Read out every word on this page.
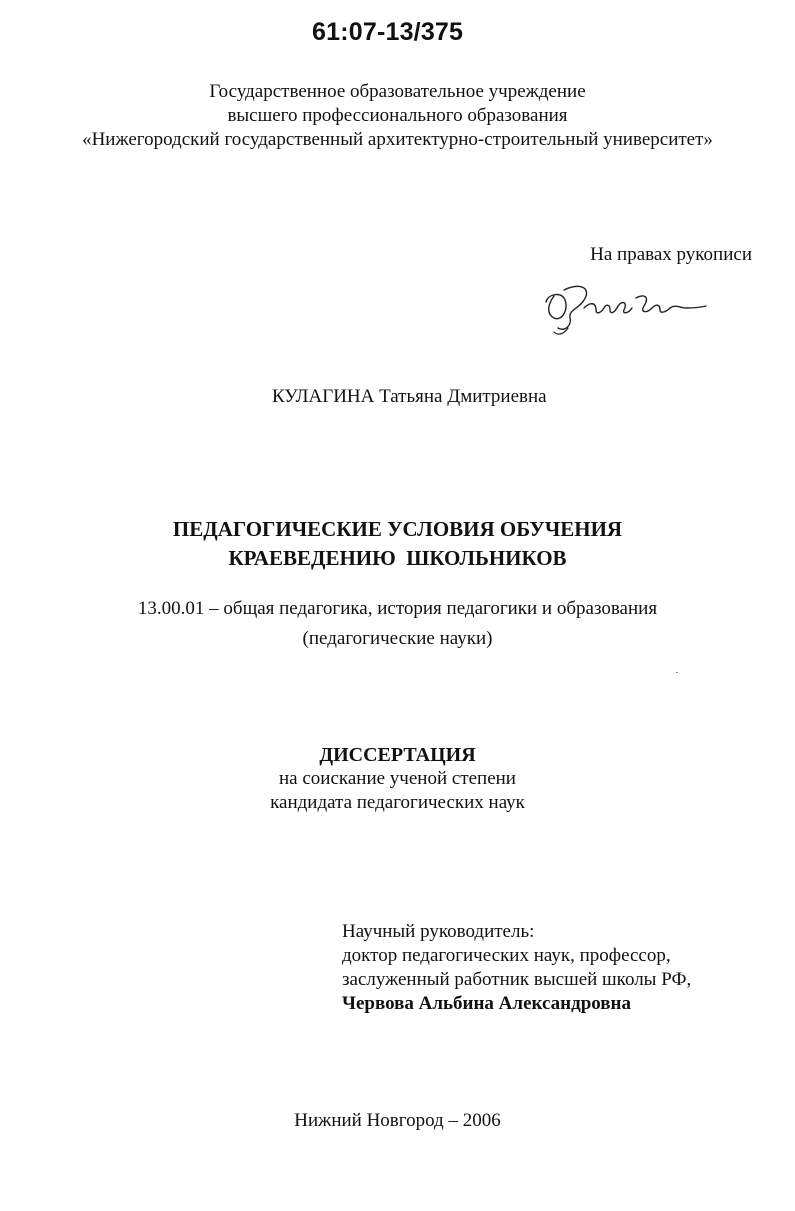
61:07-13/375
Государственное образовательное учреждение
высшего профессионального образования
«Нижегородский государственный архитектурно-строительный университет»
На правах рукописи
КУЛАГИНА Татьяна Дмитриевна
ПЕДАГОГИЧЕСКИЕ УСЛОВИЯ ОБУЧЕНИЯ
КРАЕВЕДЕНИЮ  ШКОЛЬНИКОВ
13.00.01 – общая педагогика, история педагогики и образования
(педагогические науки)
ДИССЕРТАЦИЯ
на соискание ученой степени
кандидата педагогических наук
Научный руководитель:
доктор педагогических наук, профессор,
заслуженный работник высшей школы РФ,
Червова Альбина Александровна
Нижний Новгород – 2006
